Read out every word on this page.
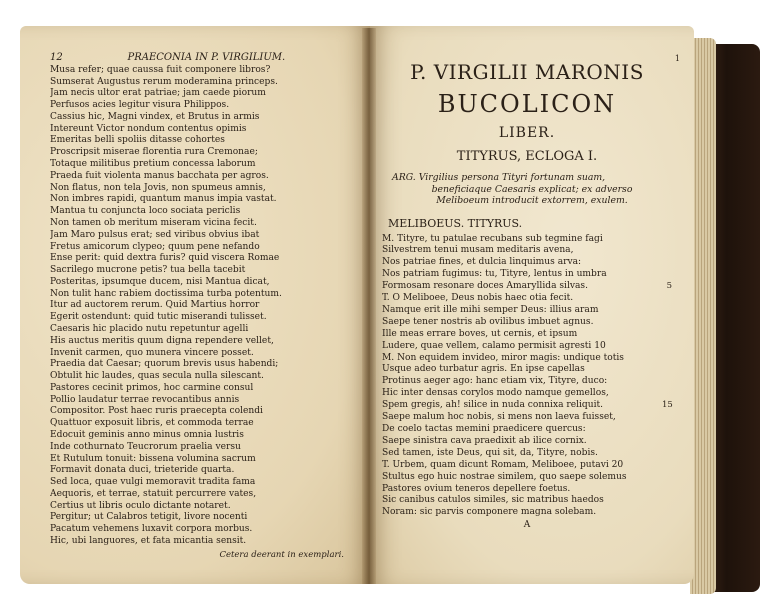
12	PRAECONIA IN P. VIRGILIUM.
Musa refer; quae caussa fuit componere libros?
Sumserat Augustus rerum moderamina princeps.
Jam necis ultor erat patriae; jam caede piorum
Perfusos acies legitur visura Philippos.
Cassius hic, Magni vindex, et Brutus in armis
Intereunt Victor nondum contentus opimis
Emeritas belli spoliis ditasse cohortes
Proscripsit miserae florentia rura Cremonae;
Totaque militibus pretium concessa laborum
Praeda fuit violenta manus bacchata per agros.
Non flatus, non tela Jovis, non spumeus amnis,
Non imbres rapidi, quantum manus impia vastat.
Mantua tu conjuncta loco sociata periclis
Non tamen ob meritum miseram vicina fecit.
Jam Maro pulsus erat; sed viribus obvius ibat
Fretus amicorum clypeo; quum pene nefando
Ense perit: quid dextra furis? quid viscera Romae
Sacrilego mucrone petis? tua bella tacebit
Posteritas, ipsumque ducem, nisi Mantua dicat,
Non tulit hanc rabiem doctissima turba potentum.
Itur ad auctorem rerum. Quid Martius horror
Egerit ostendunt: quid tutic miserandi tulisset.
Caesaris hic placido nutu repetuntur agelli
His auctus meritis quum digna rependere vellet,
Invenit carmen, quo munera vincere posset.
Praedia dat Caesar; quorum brevis usus habendi;
Obtulit hic laudes, quas secula nulla silescant.
Pastores cecinit primos, hoc carmine consul
Pollio laudatur terrae revocantibus annis
Compositor. Post haec ruris praecepta colendi
Quattuor exposuit libris, et commoda terrae
Edocuit geminis anno minus omnia lustris
Inde cothurnato Teucrorum praelia versu
Et Rutulum tonuit: bissena volumina sacrum
Formavit donata duci, trieteride quarta.
Sed loca, quae vulgi memoravit tradita fama
Aequoris, et terrae, statuit percurrere vates,
Certius ut libris oculo dictante notaret.
Pergitur; ut Calabros tetigit, livore nocenti
Pacatum vehemens luxavit corpora morbus.
Hic, ubi languores, et fata micantia sensit.
Cetera deerant in exemplari.
1
P. VIRGILII MARONIS
BUCOLICON
LIBER.
TITYRUS, ECLOGA I.
ARG. Virgilius persona Tityri fortunam suam,
beneficiaque Caesaris explicat; ex adverso
Meliboeum introducit extorrem, exulem.
MELIBOEUS. TITYRUS.
M. Tityre, tu patulae recubans sub tegmine fagi
Silvestrem tenui musam meditaris avena,
Nos patriae fines, et dulcia linquimus arva:
Nos patriam fugimus: tu, Tityre, lentus in umbra
Formosam resonare doces Amaryllida silvas.	5
T. O Meliboee, Deus nobis haec otia fecit.
Namque erit ille mihi semper Deus: illius aram
Saepe tener nostris ab ovilibus imbuet agnus.
Ille meas errare boves, ut cernis, et ipsum
Ludere, quae vellem, calamo permisit agresti 10
M. Non equidem invideo, miror magis: undique totis
Usque adeo turbatur agris. En ipse capellas
Protinus aeger ago: hanc etiam vix, Tityre, duco:
Hic inter densas corylos modo namque gemellos,
Spem gregis, ah! silice in nuda connixa reliquit.	15
Saepe malum hoc nobis, si mens non laeva fuisset,
De coelo tactas memini praedicere quercus:
Saepe sinistra cava praedixit ab ilice cornix.
Sed tamen, iste Deus, qui sit, da, Tityre, nobis.
T. Urbem, quam dicunt Romam, Meliboee, putavi 20
Stultus ego huic nostrae similem, quo saepe solemus
Pastores ovium teneros depellere foetus.
Sic canibus catulos similes, sic matribus haedos
Noram: sic parvis componere magna solebam.
A
